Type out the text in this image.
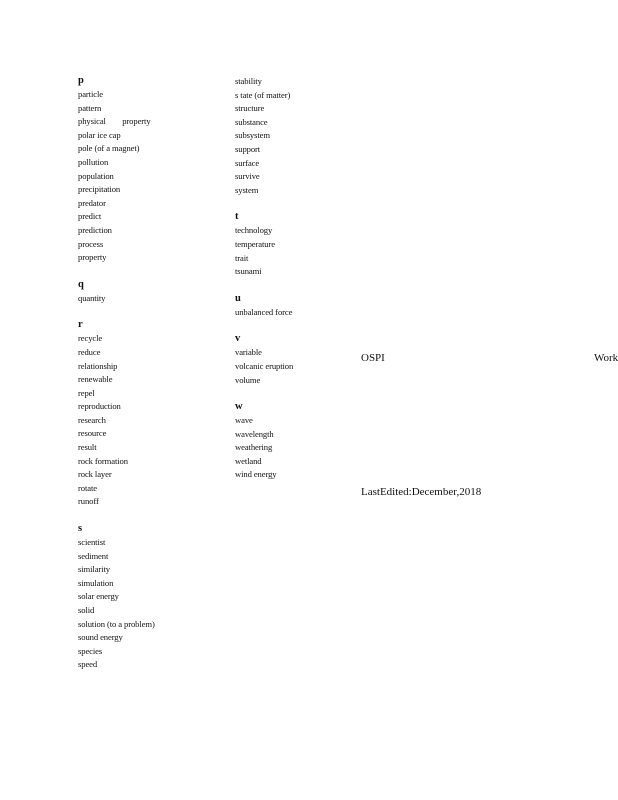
p
particle
pattern
physical        property
polar ice cap
pole (of a magnet)
pollution
population
precipitation
predator
predict
prediction
process
property
q
quantity
r
recycle
reduce
relationship
renewable
repel
reproduction
research
resource
result
rock formation
rock layer
rotate
runoff
s
scientist
sediment
similarity
simulation
solar energy
solid
solution (to a problem)
sound energy
species
speed
stability
s tate (of matter)
structure
substance
subsystem
support
surface
survive
system
t
technology
temperature
trait
tsunami
u
unbalanced force
v
variable
volcanic eruption
volume
w
wave
wavelength
weathering
wetland
wind energy
OSPI	Work
LastEdited:December,2018
